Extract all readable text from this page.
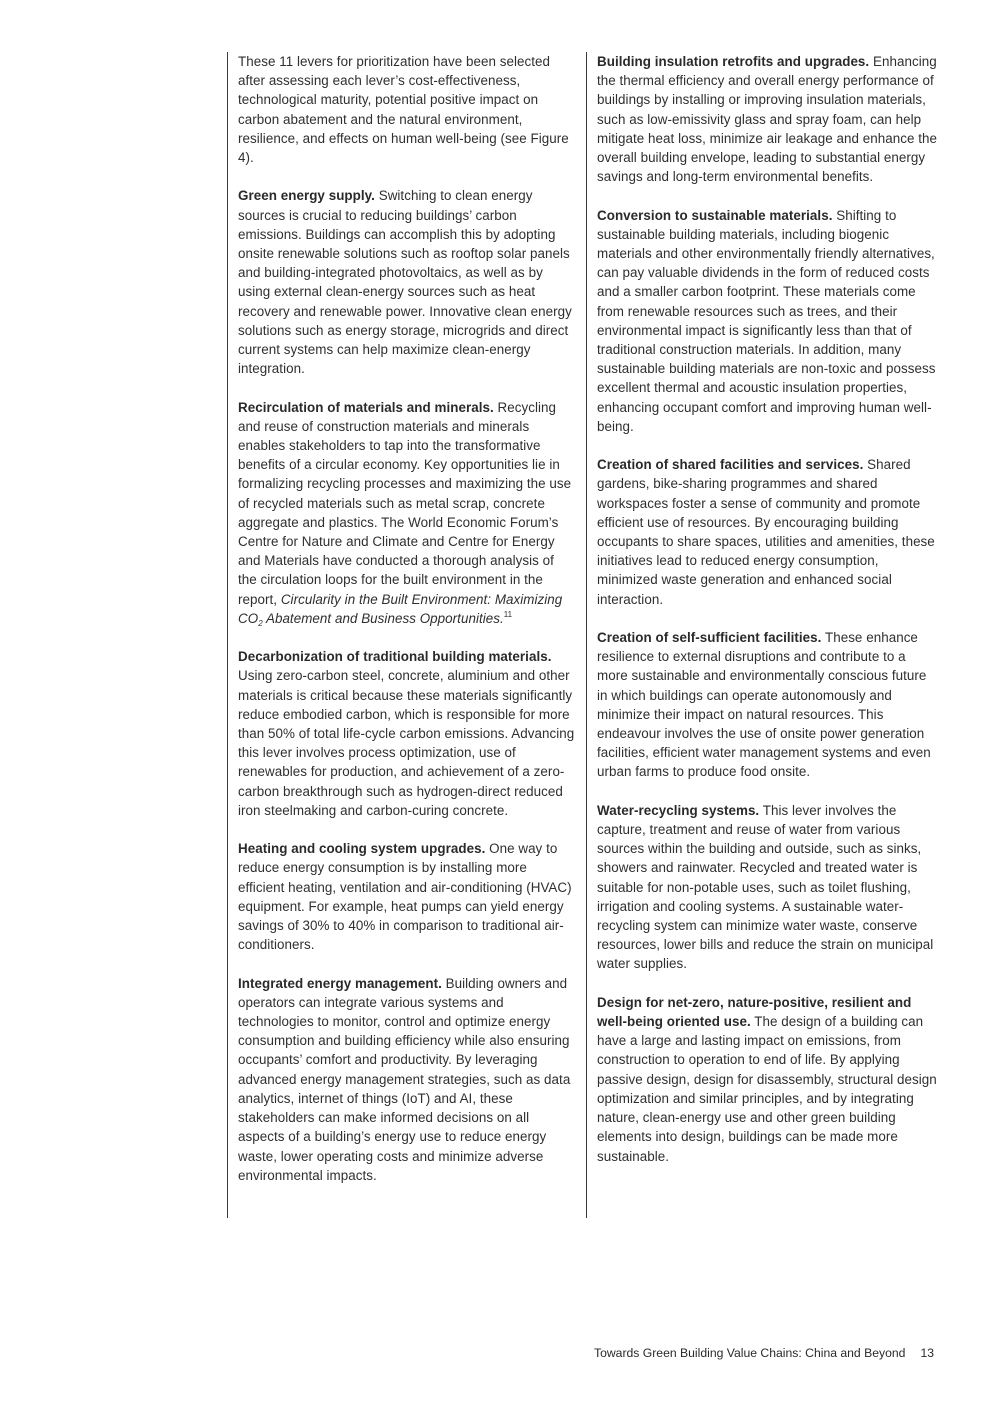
These 11 levers for prioritization have been selected after assessing each lever’s cost-effectiveness, technological maturity, potential positive impact on carbon abatement and the natural environment, resilience, and effects on human well-being (see Figure 4).

Green energy supply. Switching to clean energy sources is crucial to reducing buildings’ carbon emissions. Buildings can accomplish this by adopting onsite renewable solutions such as rooftop solar panels and building-integrated photovoltaics, as well as by using external clean-energy sources such as heat recovery and renewable power. Innovative clean energy solutions such as energy storage, microgrids and direct current systems can help maximize clean-energy integration.

Recirculation of materials and minerals. Recycling and reuse of construction materials and minerals enables stakeholders to tap into the transformative benefits of a circular economy. Key opportunities lie in formalizing recycling processes and maximizing the use of recycled materials such as metal scrap, concrete aggregate and plastics. The World Economic Forum’s Centre for Nature and Climate and Centre for Energy and Materials have conducted a thorough analysis of the circulation loops for the built environment in the report, Circularity in the Built Environment: Maximizing $CO_2$ Abatement and Business Opportunities.$^{11}$

Decarbonization of traditional building materials. Using zero-carbon steel, concrete, aluminium and other materials is critical because these materials significantly reduce embodied carbon, which is responsible for more than 50% of total life-cycle carbon emissions. Advancing this lever involves process optimization, use of renewables for production, and achievement of a zero-carbon breakthrough such as hydrogen-direct reduced iron steelmaking and carbon-curing concrete.

Heating and cooling system upgrades. One way to reduce energy consumption is by installing more efficient heating, ventilation and air-conditioning (HVAC) equipment. For example, heat pumps can yield energy savings of 30% to 40% in comparison to traditional air-conditioners.

Integrated energy management. Building owners and operators can integrate various systems and technologies to monitor, control and optimize energy consumption and building efficiency while also ensuring occupants’ comfort and productivity. By leveraging advanced energy management strategies, such as data analytics, internet of things (IoT) and AI, these stakeholders can make informed decisions on all aspects of a building’s energy use to reduce energy waste, lower operating costs and minimize adverse environmental impacts.

Building insulation retrofits and upgrades. Enhancing the thermal efficiency and overall energy performance of buildings by installing or improving insulation materials, such as low-emissivity glass and spray foam, can help mitigate heat loss, minimize air leakage and enhance the overall building envelope, leading to substantial energy savings and long-term environmental benefits.

Conversion to sustainable materials. Shifting to sustainable building materials, including biogenic materials and other environmentally friendly alternatives, can pay valuable dividends in the form of reduced costs and a smaller carbon footprint. These materials come from renewable resources such as trees, and their environmental impact is significantly less than that of traditional construction materials. In addition, many sustainable building materials are non-toxic and possess excellent thermal and acoustic insulation properties, enhancing occupant comfort and improving human well-being.

Creation of shared facilities and services. Shared gardens, bike-sharing programmes and shared workspaces foster a sense of community and promote efficient use of resources. By encouraging building occupants to share spaces, utilities and amenities, these initiatives lead to reduced energy consumption, minimized waste generation and enhanced social interaction.

Creation of self-sufficient facilities. These enhance resilience to external disruptions and contribute to a more sustainable and environmentally conscious future in which buildings can operate autonomously and minimize their impact on natural resources. This endeavour involves the use of onsite power generation facilities, efficient water management systems and even urban farms to produce food onsite.

Water-recycling systems. This lever involves the capture, treatment and reuse of water from various sources within the building and outside, such as sinks, showers and rainwater. Recycled and treated water is suitable for non-potable uses, such as toilet flushing, irrigation and cooling systems. A sustainable water-recycling system can minimize water waste, conserve resources, lower bills and reduce the strain on municipal water supplies.

Design for net-zero, nature-positive, resilient and well-being oriented use. The design of a building can have a large and lasting impact on emissions, from construction to operation to end of life. By applying passive design, design for disassembly, structural design optimization and similar principles, and by integrating nature, clean-energy use and other green building elements into design, buildings can be made more sustainable.

Towards Green Building Value Chains: China and Beyond 13
